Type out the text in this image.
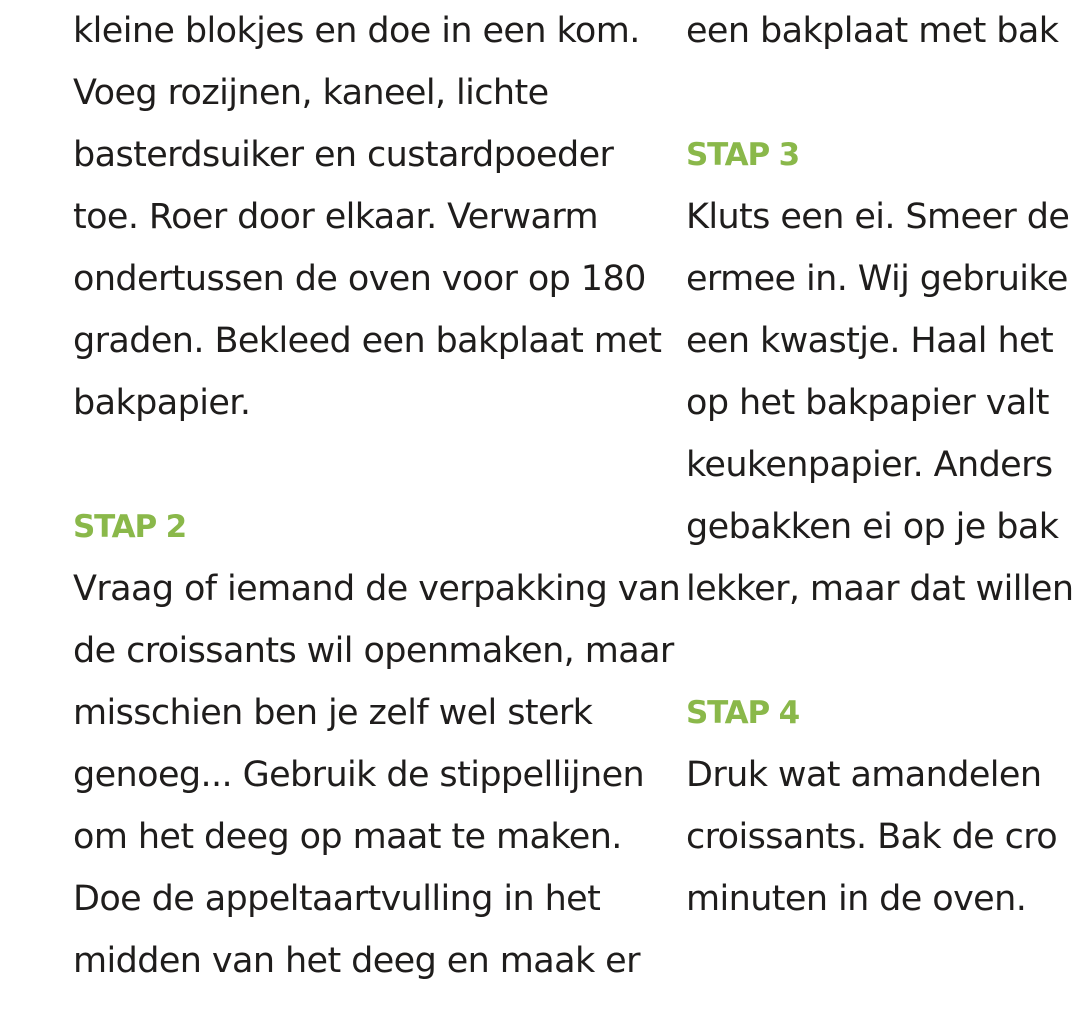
kleine blokjes en doe in een kom.
Voeg rozijnen, kaneel, lichte
basterdsuiker en custardpoeder
toe. Roer door elkaar. Verwarm
ondertussen de oven voor op 180
graden. Bekleed een bakplaat met
bakpapier.
STAP 2
Vraag of iemand de verpakking van
de croissants wil openmaken, maar
misschien ben je zelf wel sterk
genoeg... Gebruik de stippellijnen
om het deeg op maat te maken.
Doe de appeltaartvulling in het
midden van het deeg en maak er
een bakplaat met bak
STAP 3
Kluts een ei. Smeer de
ermee in. Wij gebruike
een kwastje. Haal het
op het bakpapier valt
keukenpapier. Anders
gebakken ei op je bak
lekker, maar dat willen
STAP 4
Druk wat amandelen
croissants. Bak de cro
minuten in de oven.
